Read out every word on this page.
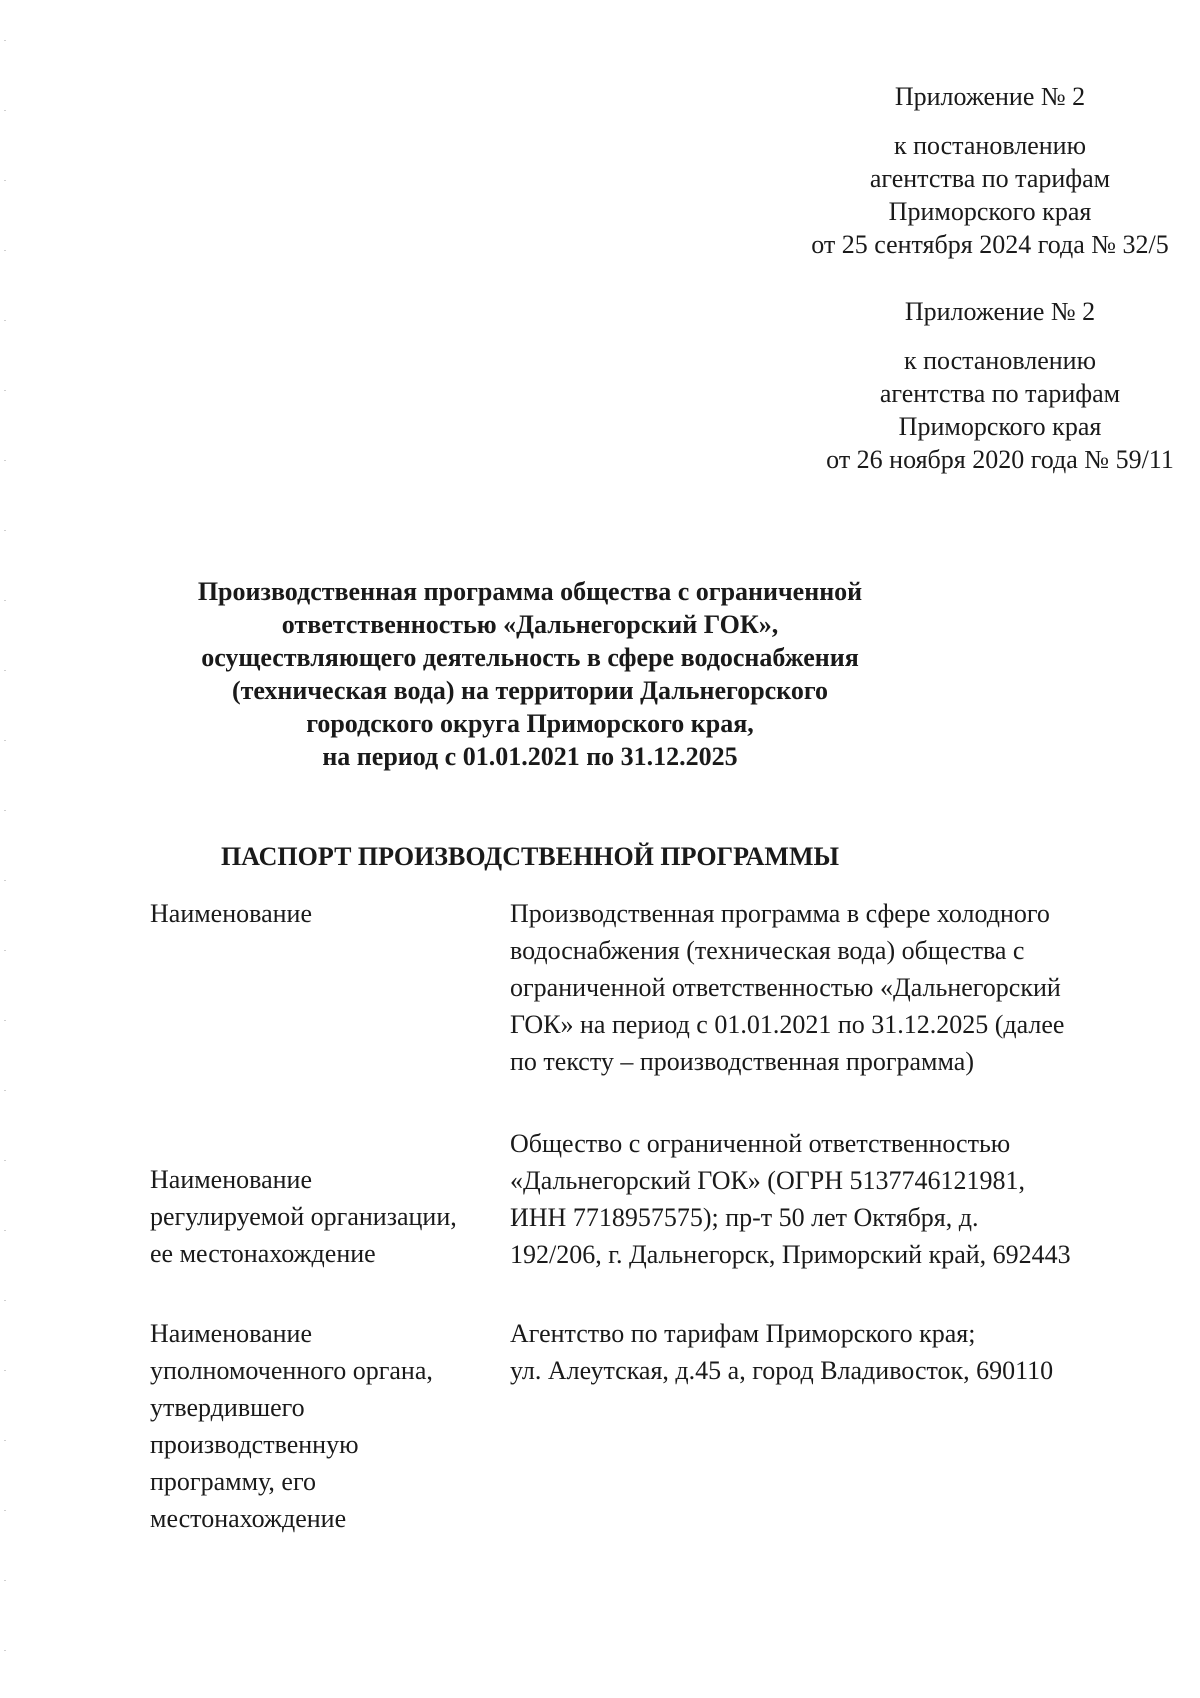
Приложение № 2
к постановлению
агентства по тарифам
Приморского края
от 25 сентября 2024 года № 32/5
Приложение № 2
к постановлению
агентства по тарифам
Приморского края
от 26 ноября 2020 года № 59/11
Производственная программа общества с ограниченной
ответственностью «Дальнегорский ГОК»,
осуществляющего деятельность в сфере водоснабжения
(техническая вода) на территории Дальнегорского
городского округа Приморского края,
на период с 01.01.2021 по 31.12.2025
ПАСПОРТ ПРОИЗВОДСТВЕННОЙ ПРОГРАММЫ
Наименование	Производственная программа в сфере холодного
водоснабжения (техническая вода) общества с
ограниченной ответственностью «Дальнегорский
ГОК» на период с 01.01.2021 по 31.12.2025 (далее
по тексту – производственная программа)
Наименование
регулируемой организации,
ее местонахождение
Общество с ограниченной ответственностью
«Дальнегорский ГОК» (ОГРН 5137746121981,
ИНН 7718957575); пр-т 50 лет Октября, д.
192/206, г. Дальнегорск, Приморский край, 692443
Наименование
уполномоченного органа,
утвердившего
производственную
программу, его
местонахождение
Агентство по тарифам Приморского края;
ул. Алеутская, д.45 а, город Владивосток, 690110
